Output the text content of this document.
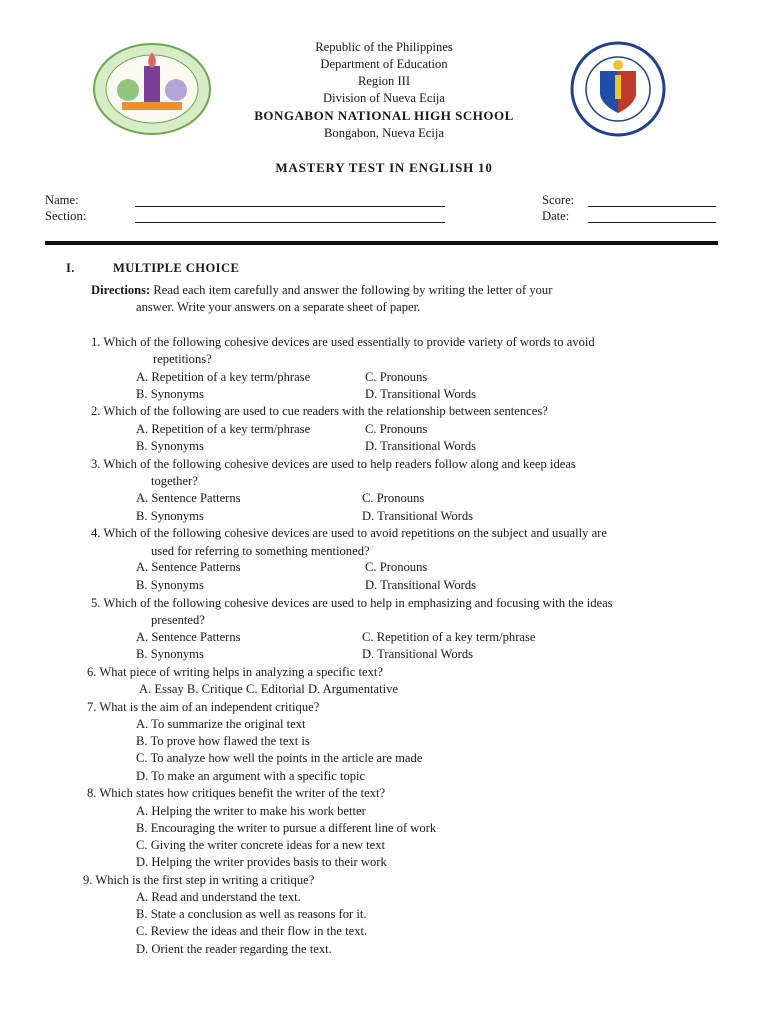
Republic of the Philippines
Department of Education
Region III
Division of Nueva Ecija
BONGABON NATIONAL HIGH SCHOOL
Bongabon, Nueva Ecija
MASTERY TEST IN ENGLISH 10
Name:
Section:
Score:
Date:
I.	MULTIPLE CHOICE
Directions: Read each item carefully and answer the following by writing the letter of your
answer. Write your answers on a separate sheet of paper.
1. Which of the following cohesive devices are used essentially to provide variety of words to avoid
repetitions?
A. Repetition of a key term/phrase	C. Pronouns
B. Synonyms	D. Transitional Words
2. Which of the following are used to cue readers with the relationship between sentences?
A. Repetition of a key term/phrase	C. Pronouns
B. Synonyms	D. Transitional Words
3. Which of the following cohesive devices are used to help readers follow along and keep ideas
together?
A. Sentence Patterns	C. Pronouns
B. Synonyms	D. Transitional Words
4. Which of the following cohesive devices are used to avoid repetitions on the subject and usually are
used for referring to something mentioned?
A. Sentence Patterns	C. Pronouns
B. Synonyms	D. Transitional Words
5. Which of the following cohesive devices are used to help in emphasizing and focusing with the ideas
presented?
A. Sentence Patterns	C. Repetition of a key term/phrase
B. Synonyms	D. Transitional Words
6. What piece of writing helps in analyzing a specific text?
A. Essay B. Critique C. Editorial D. Argumentative
7. What is the aim of an independent critique?
A. To summarize the original text
B. To prove how flawed the text is
C. To analyze how well the points in the article are made
D. To make an argument with a specific topic
8. Which states how critiques benefit the writer of the text?
A. Helping the writer to make his work better
B. Encouraging the writer to pursue a different line of work
C. Giving the writer concrete ideas for a new text
D. Helping the writer provides basis to their work
9. Which is the first step in writing a critique?
A. Read and understand the text.
B. State a conclusion as well as reasons for it.
C. Review the ideas and their flow in the text.
D. Orient the reader regarding the text.
